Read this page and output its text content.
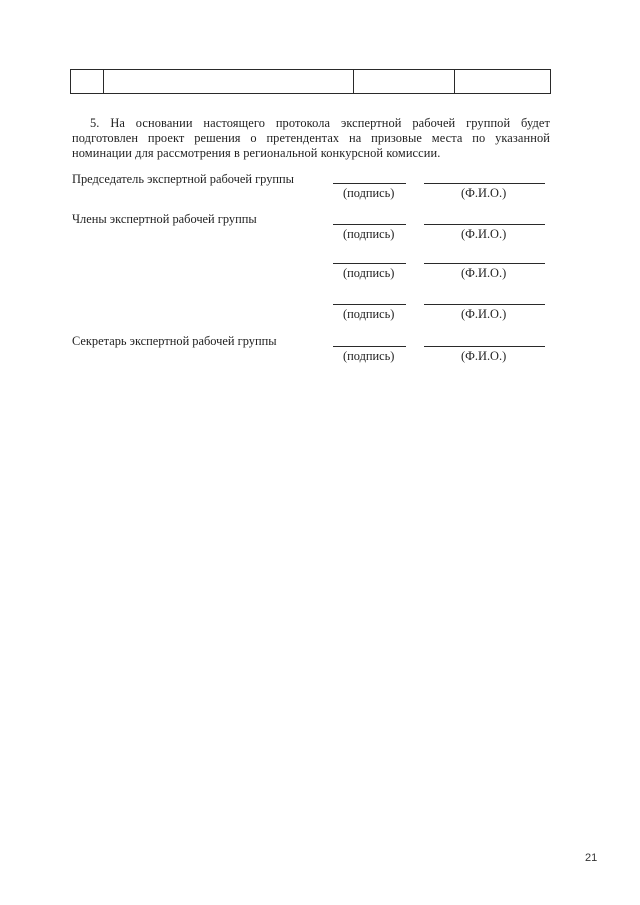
5. На основании настоящего протокола экспертной рабочей группой будет подготовлен проект решения о претендентах на призовые места по указанной номинации для рассмотрения в региональной конкурсной комиссии.
Председатель экспертной рабочей группы
(подпись)	(Ф.И.О.)
Члены экспертной рабочей группы
(подпись)	(Ф.И.О.)
(подпись)	(Ф.И.О.)
(подпись)	(Ф.И.О.)
Секретарь экспертной рабочей группы
(подпись)	(Ф.И.О.)
21
